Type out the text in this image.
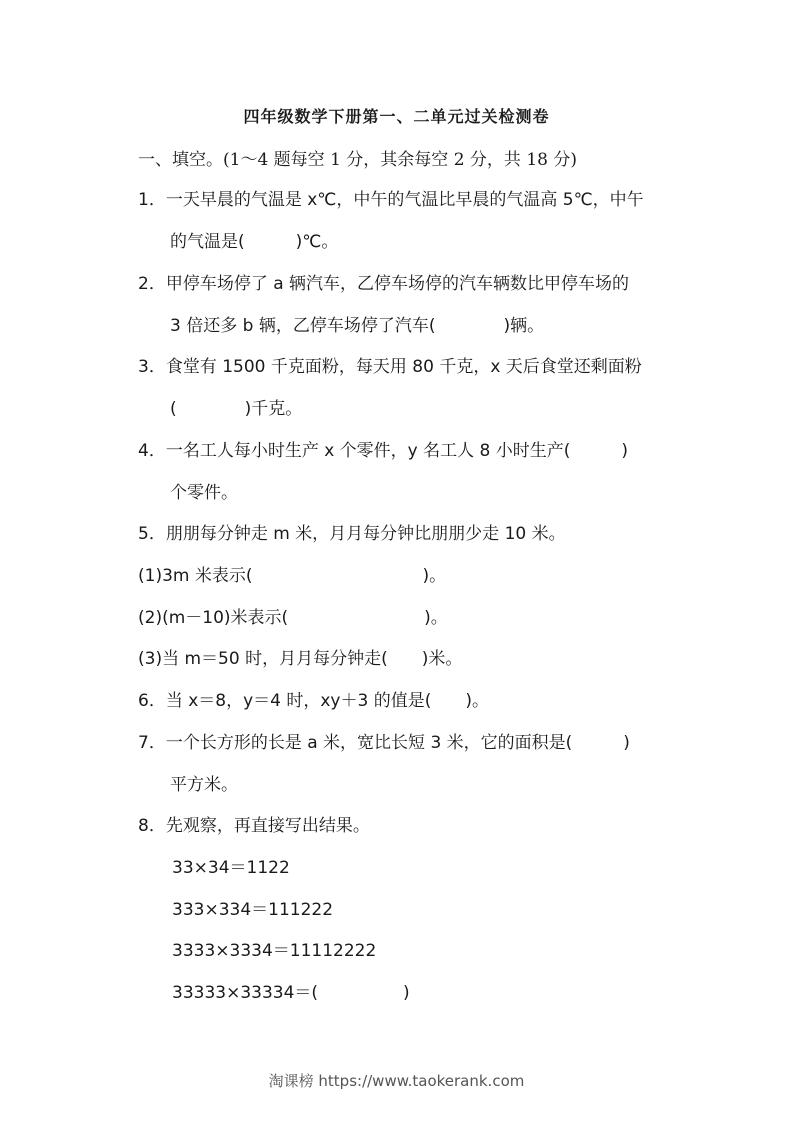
四年级数学下册第一、二单元过关检测卷
一、填空。(1～4 题每空 1 分，其余每空 2 分，共 18 分)
1．一天早晨的气温是 x℃，中午的气温比早晨的气温高 5℃，中午
的气温是(　　　)℃。
2．甲停车场停了 a 辆汽车，乙停车场停的汽车辆数比甲停车场的
3 倍还多 b 辆，乙停车场停了汽车(　　　　)辆。
3．食堂有 1500 千克面粉，每天用 80 千克，x 天后食堂还剩面粉
(　　　　)千克。
4．一名工人每小时生产 x 个零件，y 名工人 8 小时生产(　　　)
个零件。
5．朋朋每分钟走 m 米，月月每分钟比朋朋少走 10 米。
(1)3m 米表示(　　　　　　　　　　)。
(2)(m－10)米表示(　　　　　　　　)。
(3)当 m＝50 时，月月每分钟走(　　)米。
6．当 x＝8，y＝4 时，xy＋3 的值是(　　)。
7．一个长方形的长是 a 米，宽比长短 3 米，它的面积是(　　　)
平方米。
8．先观察，再直接写出结果。
33×34＝1122
333×334＝111222
3333×3334＝11112222
33333×33334＝(　　　　　)
淘课榜 https://www.taokerank.com
